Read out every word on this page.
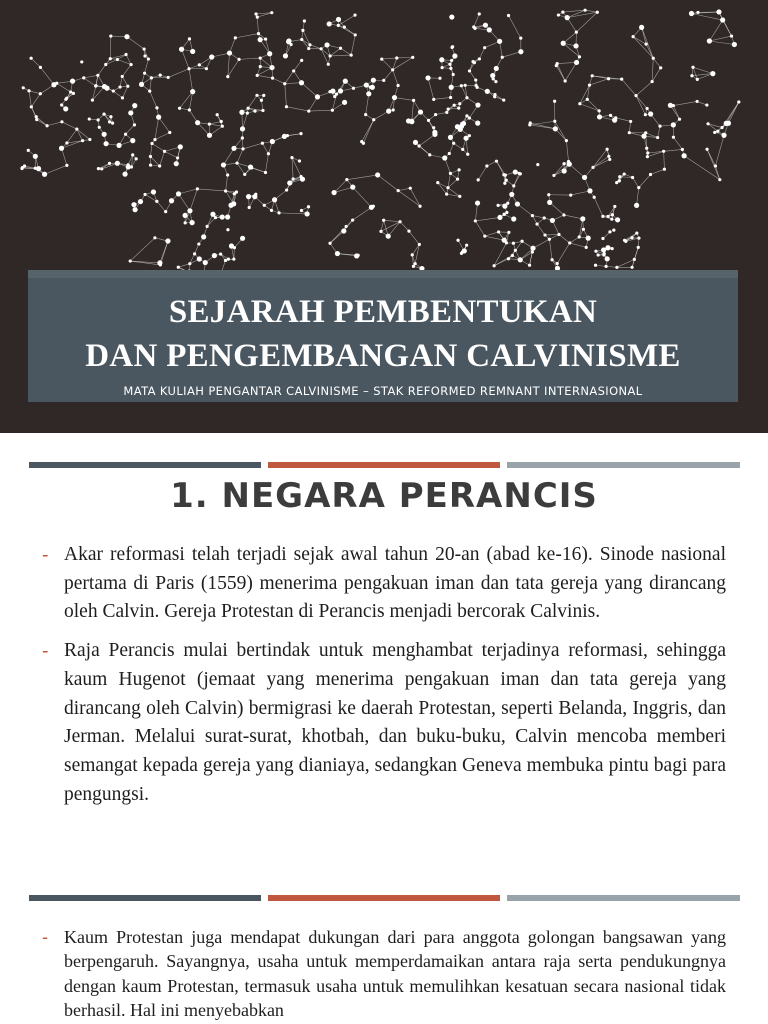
SEJARAH PEMBENTUKAN
DAN PENGEMBANGAN CALVINISME
MATA KULIAH PENGANTAR CALVINISME – STAK REFORMED REMNANT INTERNASIONAL
1. NEGARA PERANCIS
- Akar reformasi telah terjadi sejak awal tahun 20-an (abad ke-16). Sinode nasional pertama di Paris (1559) menerima pengakuan iman dan tata gereja yang dirancang oleh Calvin. Gereja Protestan di Perancis menjadi bercorak Calvinis.
- Raja Perancis mulai bertindak untuk menghambat terjadinya reformasi, sehingga kaum Hugenot (jemaat yang menerima pengakuan iman dan tata gereja yang dirancang oleh Calvin) bermigrasi ke daerah Protestan, seperti Belanda, Inggris, dan Jerman. Melalui surat-surat, khotbah, dan buku-buku, Calvin mencoba memberi semangat kepada gereja yang dianiaya, sedangkan Geneva membuka pintu bagi para pengungsi.
- Kaum Protestan juga mendapat dukungan dari para anggota golongan bangsawan yang berpengaruh. Sayangnya, usaha untuk memperdamaikan antara raja serta pendukungnya dengan kaum Protestan, termasuk usaha untuk memulihkan kesatuan secara nasional tidak berhasil. Hal ini menyebabkan
